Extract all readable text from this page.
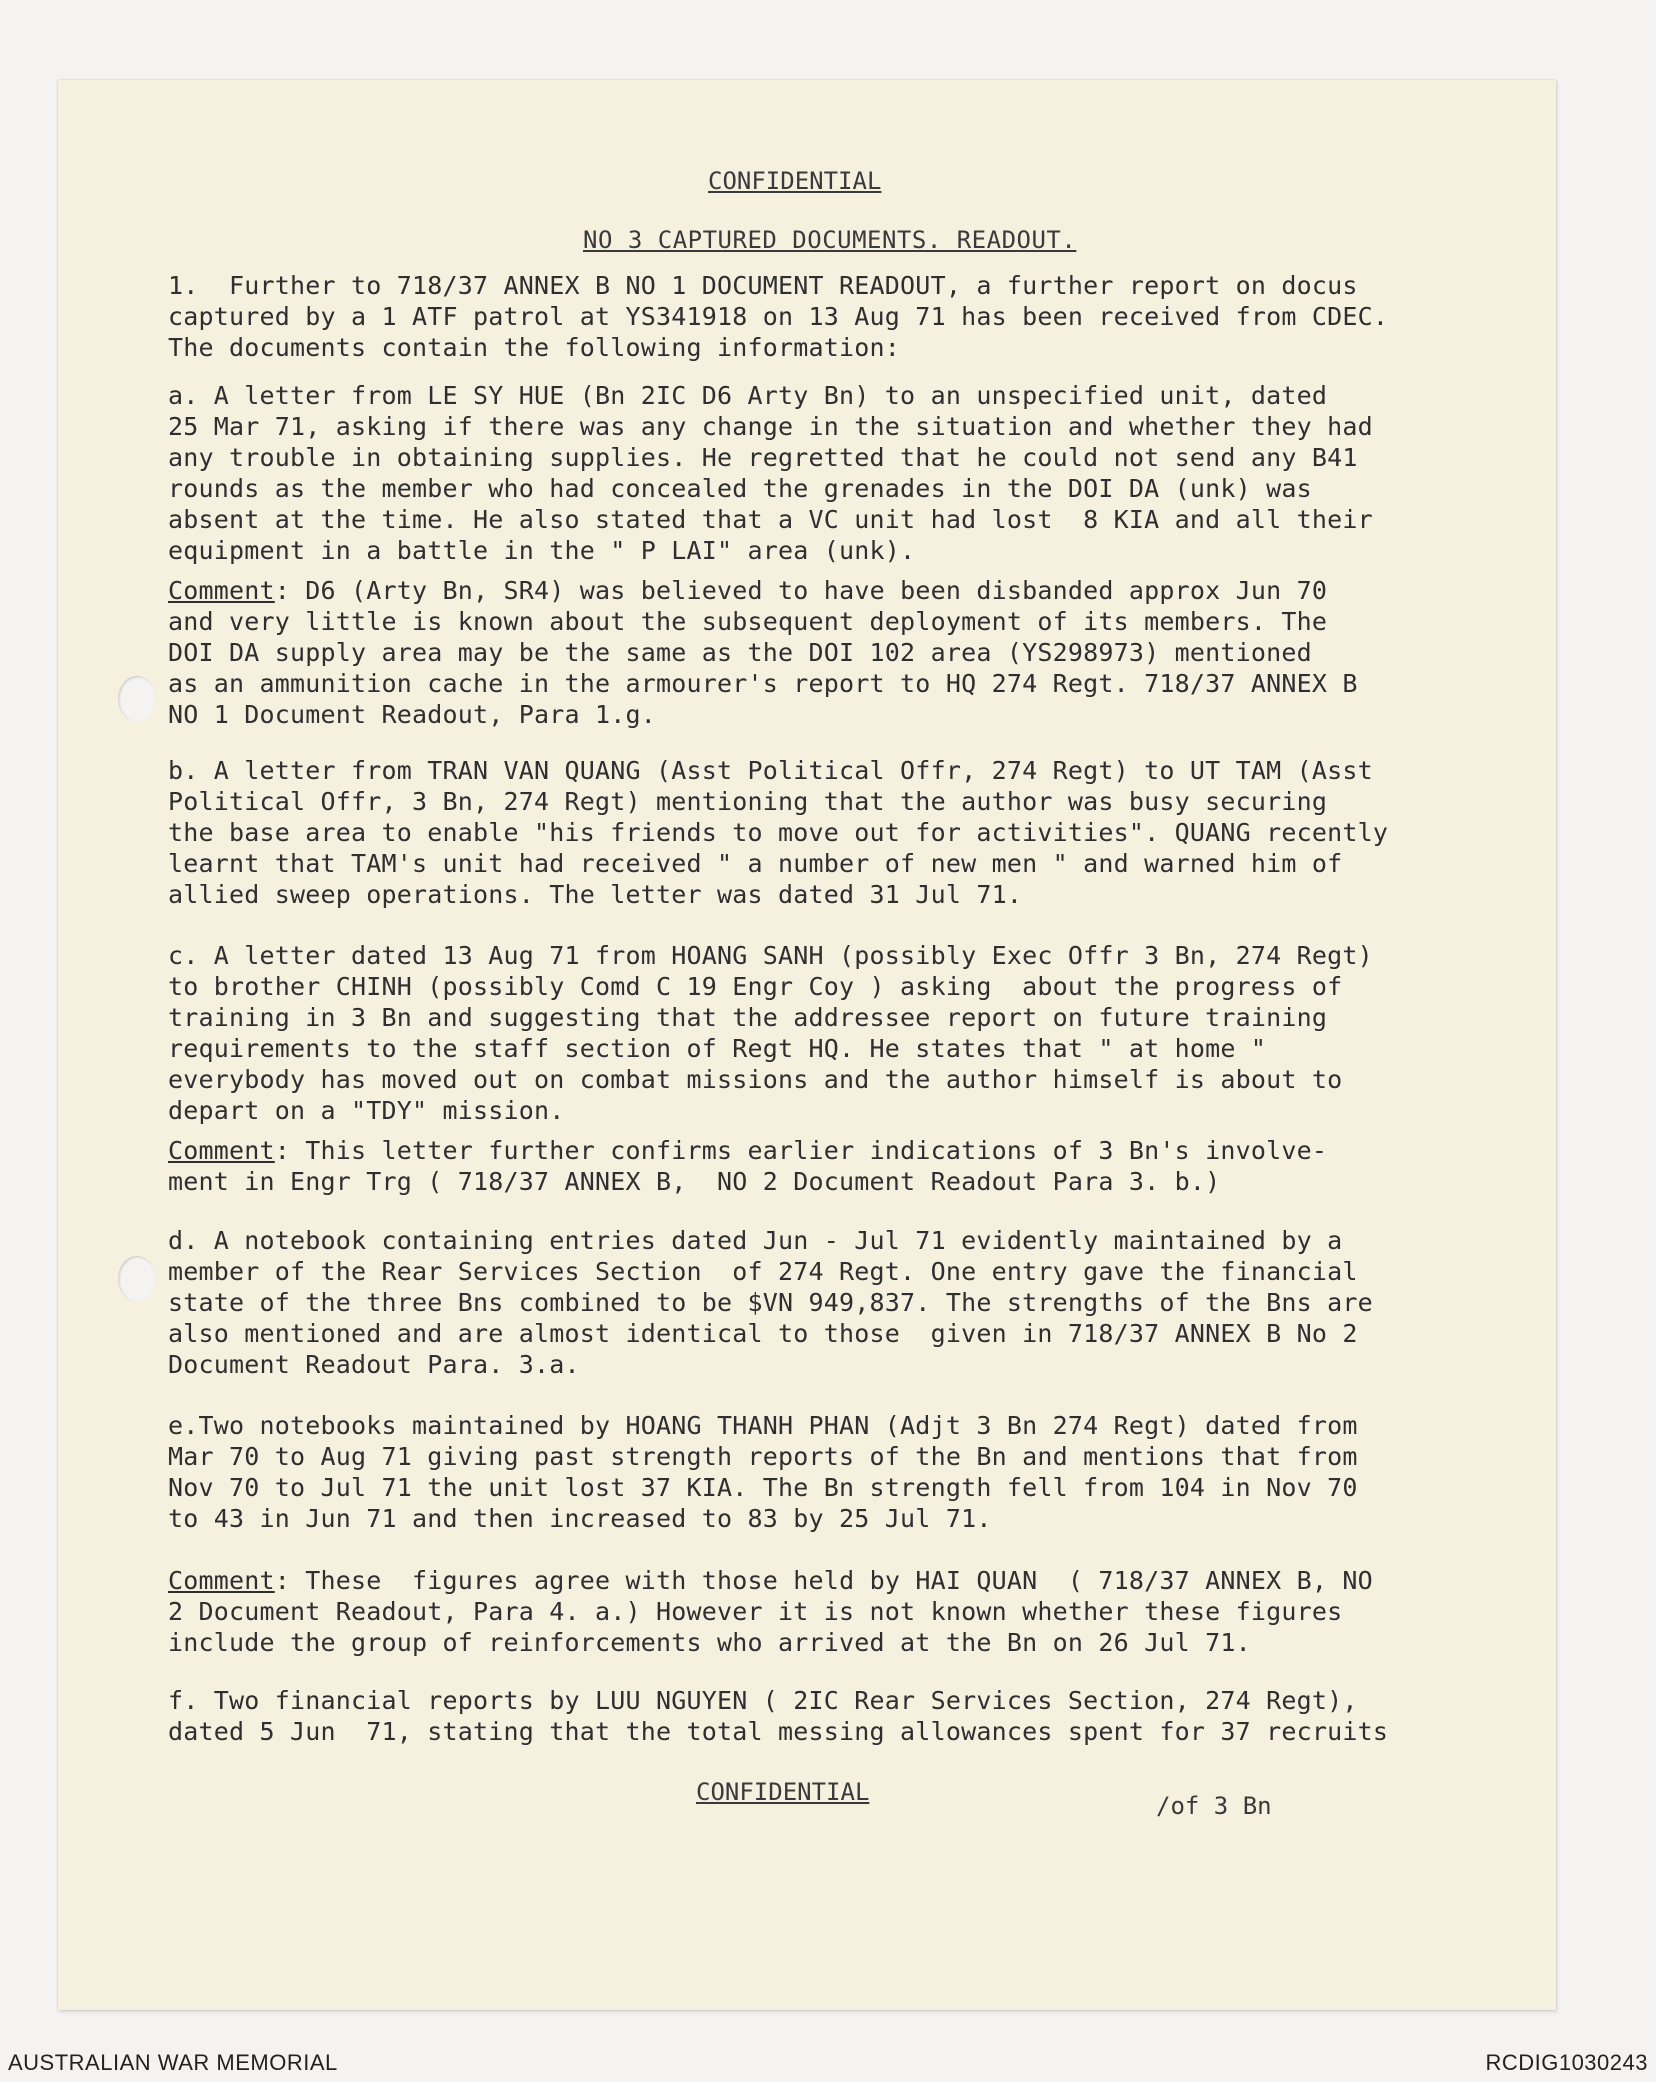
CONFIDENTIAL
NO 3 CAPTURED DOCUMENTS. READOUT.

1.  Further to 718/37 ANNEX B NO 1 DOCUMENT READOUT, a further report on docus

captured by a 1 ATF patrol at YS341918 on 13 Aug 71 has been received from CDEC.

The documents contain the following information:

a. A letter from LE SY HUE (Bn 2IC D6 Arty Bn) to an unspecified unit, dated

25 Mar 71, asking if there was any change in the situation and whether they had

any trouble in obtaining supplies. He regretted that he could not send any B41

rounds as the member who had concealed the grenades in the DOI DA (unk) was

absent at the time. He also stated that a VC unit had lost  8 KIA and all their

equipment in a battle in the " P LAI" area (unk).

Comment: D6 (Arty Bn, SR4) was believed to have been disbanded approx Jun 70

and very little is known about the subsequent deployment of its members. The

DOI DA supply area may be the same as the DOI 102 area (YS298973) mentioned

as an ammunition cache in the armourer's report to HQ 274 Regt. 718/37 ANNEX B

NO 1 Document Readout, Para 1.g.

b. A letter from TRAN VAN QUANG (Asst Political Offr, 274 Regt) to UT TAM (Asst

Political Offr, 3 Bn, 274 Regt) mentioning that the author was busy securing

the base area to enable "his friends to move out for activities". QUANG recently

learnt that TAM's unit had received " a number of new men " and warned him of

allied sweep operations. The letter was dated 31 Jul 71.

c. A letter dated 13 Aug 71 from HOANG SANH (possibly Exec Offr 3 Bn, 274 Regt)

to brother CHINH (possibly Comd C 19 Engr Coy ) asking  about the progress of

training in 3 Bn and suggesting that the addressee report on future training

requirements to the staff section of Regt HQ. He states that " at home "

everybody has moved out on combat missions and the author himself is about to

depart on a "TDY" mission.

Comment: This letter further confirms earlier indications of 3 Bn's involve-

ment in Engr Trg ( 718/37 ANNEX B,  NO 2 Document Readout Para 3. b.)

d. A notebook containing entries dated Jun - Jul 71 evidently maintained by a

member of the Rear Services Section  of 274 Regt. One entry gave the financial

state of the three Bns combined to be $VN 949,837. The strengths of the Bns are

also mentioned and are almost identical to those  given in 718/37 ANNEX B No 2

Document Readout Para. 3.a.

e.Two notebooks maintained by HOANG THANH PHAN (Adjt 3 Bn 274 Regt) dated from

Mar 70 to Aug 71 giving past strength reports of the Bn and mentions that from

Nov 70 to Jul 71 the unit lost 37 KIA. The Bn strength fell from 104 in Nov 70

to 43 in Jun 71 and then increased to 83 by 25 Jul 71.

Comment: These  figures agree with those held by HAI QUAN  ( 718/37 ANNEX B, NO

2 Document Readout, Para 4. a.) However it is not known whether these figures

include the group of reinforcements who arrived at the Bn on 26 Jul 71.

f. Two financial reports by LUU NGUYEN ( 2IC Rear Services Section, 274 Regt),

dated 5 Jun  71, stating that the total messing allowances spent for 37 recruits

CONFIDENTIAL	/of 3 Bn
AUSTRALIAN WAR MEMORIAL	RCDIG1030243
